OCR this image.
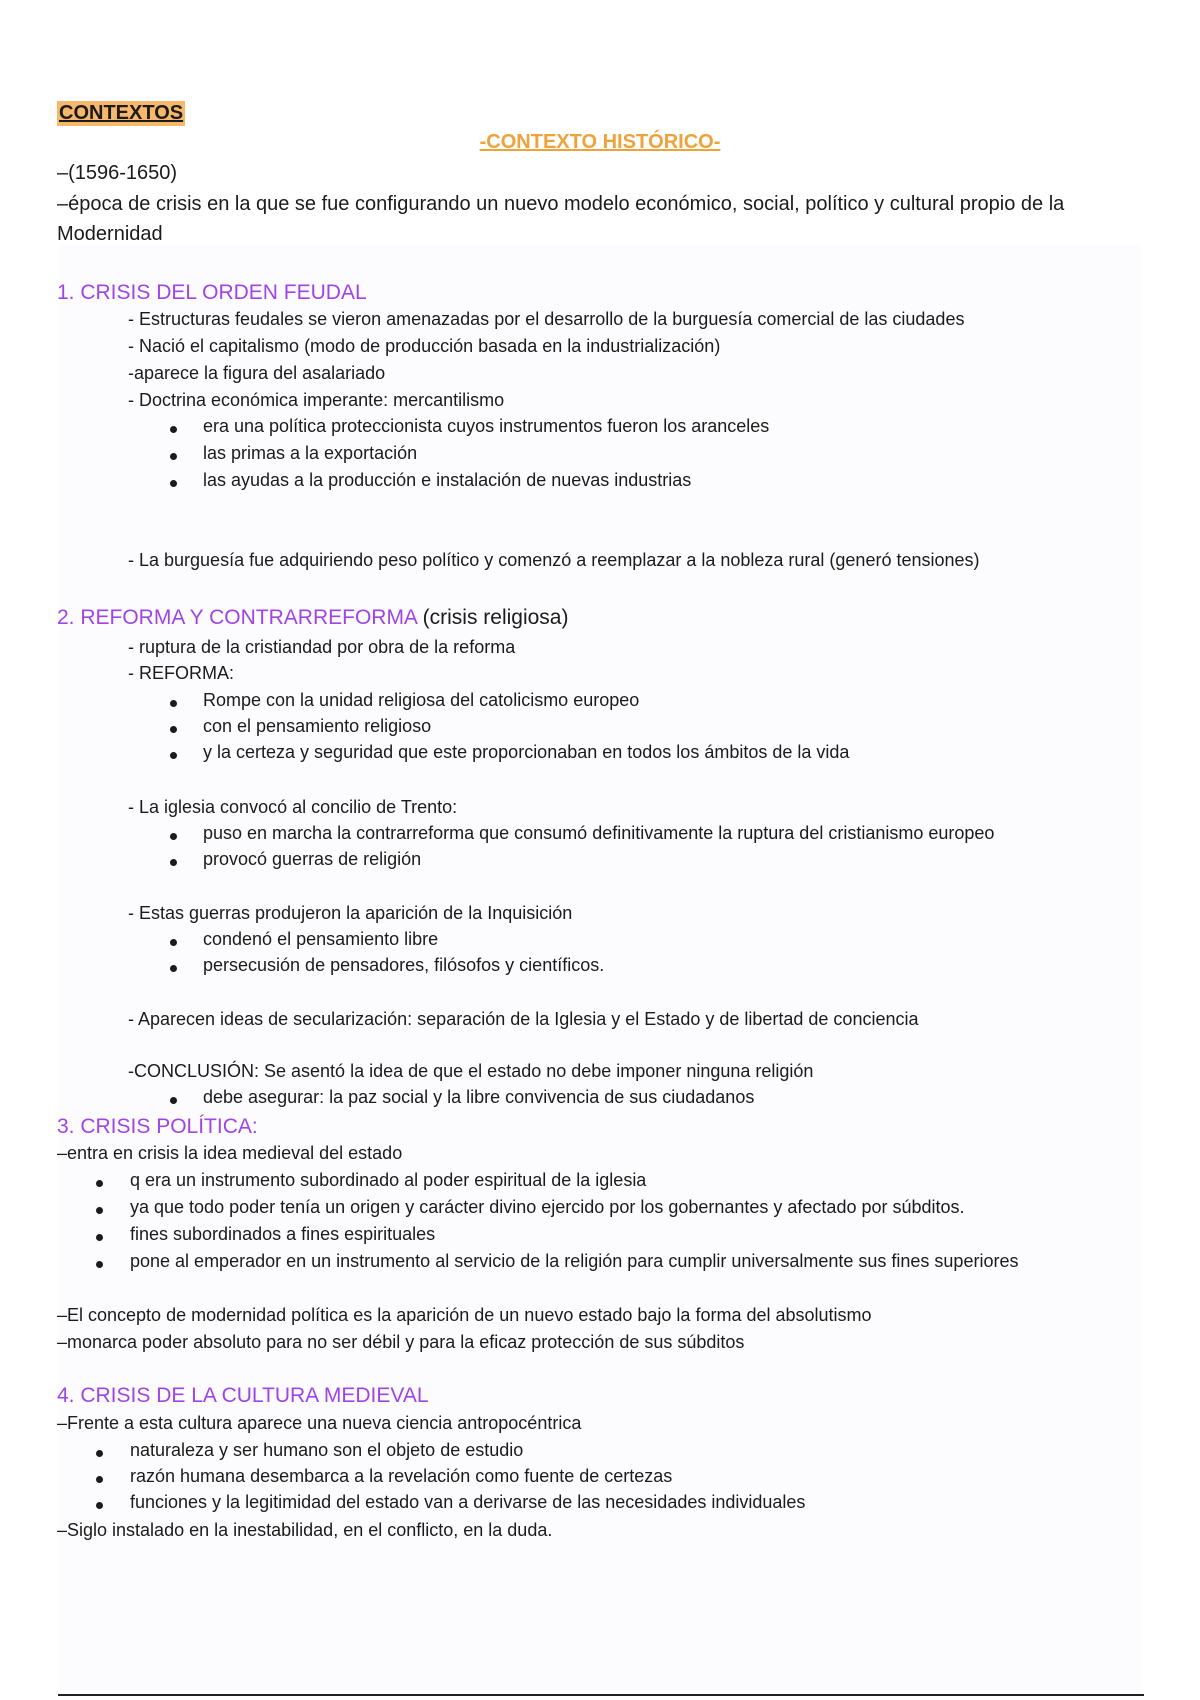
CONTEXTOS
-CONTEXTO HISTÓRICO-
–(1596-1650)
–época de crisis en la que se fue configurando un nuevo modelo económico, social, político y cultural propio de la Modernidad
1. CRISIS DEL ORDEN FEUDAL
- Estructuras feudales se vieron amenazadas por el desarrollo de la burguesía comercial de las ciudades
- Nació el capitalismo (modo de producción basada en la industrialización)
-aparece la figura del asalariado
- Doctrina económica imperante: mercantilismo
era una política proteccionista cuyos instrumentos fueron los aranceles
las primas a la exportación
las ayudas a la producción e instalación de nuevas industrias
- La burguesía fue adquiriendo peso político y comenzó a reemplazar a la nobleza rural (generó tensiones)
2. REFORMA Y CONTRARREFORMA (crisis religiosa)
- ruptura de la cristiandad por obra de la reforma
- REFORMA:
Rompe con la unidad religiosa del catolicismo europeo
con el pensamiento religioso
y la certeza y seguridad que este proporcionaban en todos los ámbitos de la vida
- La iglesia convocó al concilio de Trento:
puso en marcha la contrarreforma que consumó definitivamente la ruptura del cristianismo europeo
provocó guerras de religión
- Estas guerras produjeron la aparición de la Inquisición
condenó el pensamiento libre
persecusión de pensadores, filósofos y científicos.
- Aparecen ideas de secularización: separación de la Iglesia y el Estado y de libertad de conciencia
-CONCLUSIÓN: Se asentó la idea de que el estado no debe imponer ninguna religión
debe asegurar: la paz social y la libre convivencia de sus ciudadanos
3. CRISIS POLÍTICA:
–entra en crisis la idea medieval del estado
q era un instrumento subordinado al poder espiritual de la iglesia
ya que todo poder tenía un origen y carácter divino ejercido por los gobernantes y afectado por súbditos.
fines subordinados a fines espirituales
pone al emperador en un instrumento al servicio de la religión para cumplir universalmente sus fines superiores
–El concepto de modernidad política es la aparición de un nuevo estado bajo la forma del absolutismo
–monarca poder absoluto para no ser débil y para la eficaz protección de sus súbditos
4. CRISIS DE LA CULTURA MEDIEVAL
–Frente a esta cultura aparece una nueva ciencia antropocéntrica
naturaleza y ser humano son el objeto de estudio
razón humana desembarca a la revelación como fuente de certezas
funciones y la legitimidad del estado van a derivarse de las necesidades individuales
–Siglo instalado en la inestabilidad, en el conflicto, en la duda.
